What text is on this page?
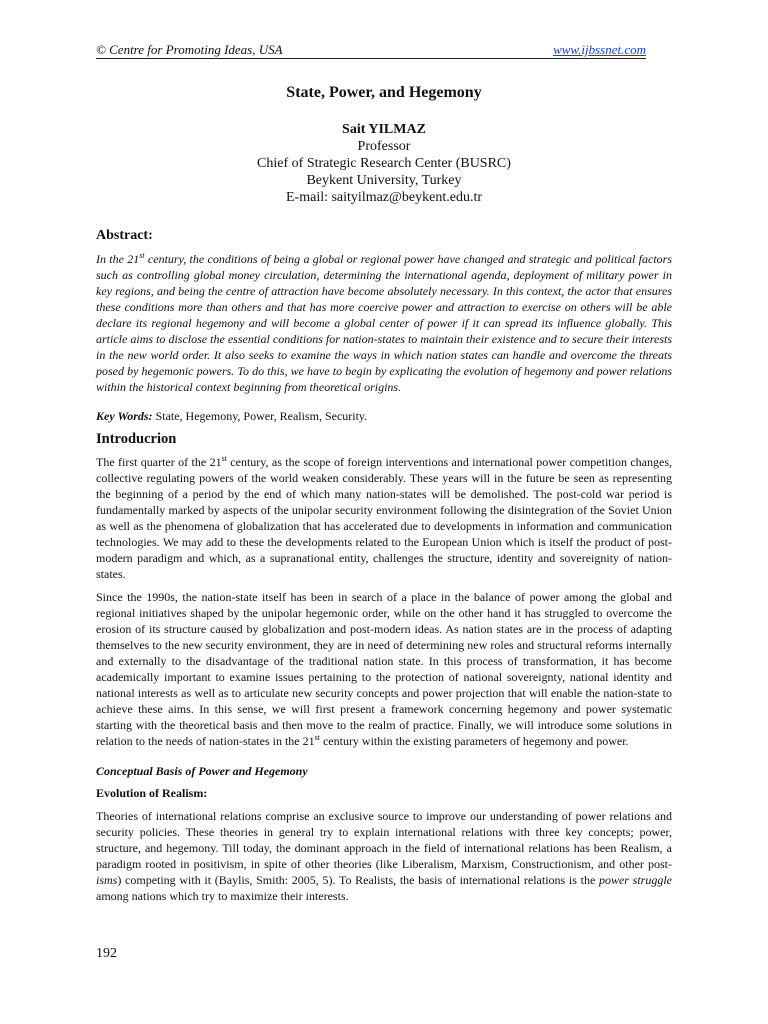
© Centre for Promoting Ideas, USA	www.ijbssnet.com
State, Power, and Hegemony
Sait YILMAZ
Professor
Chief of Strategic Research Center (BUSRC)
Beykent University, Turkey
E-mail: saityilmaz@beykent.edu.tr
Abstract:

In the 21st century, the conditions of being a global or regional power have changed and strategic and political factors such as controlling global money circulation, determining the international agenda, deployment of military power in key regions, and being the centre of attraction have become absolutely necessary. In this context, the actor that ensures these conditions more than others and that has more coercive power and attraction to exercise on others will be able declare its regional hegemony and will become a global center of power if it can spread its influence globally. This article aims to disclose the essential conditions for nation-states to maintain their existence and to secure their interests in the new world order. It also seeks to examine the ways in which nation states can handle and overcome the threats posed by hegemonic powers. To do this, we have to begin by explicating the evolution of hegemony and power relations within the historical context beginning from theoretical origins.

Key Words: State, Hegemony, Power, Realism, Security.

Introducrion

The first quarter of the 21st century, as the scope of foreign interventions and international power competition changes, collective regulating powers of the world weaken considerably. These years will in the future be seen as representing the beginning of a period by the end of which many nation-states will be demolished. The post-cold war period is fundamentally marked by aspects of the unipolar security environment following the disintegration of the Soviet Union as well as the phenomena of globalization that has accelerated due to developments in information and communication technologies. We may add to these the developments related to the European Union which is itself the product of post-modern paradigm and which, as a supranational entity, challenges the structure, identity and sovereignity of nation-states.

Since the 1990s, the nation-state itself has been in search of a place in the balance of power among the global and regional initiatives shaped by the unipolar hegemonic order, while on the other hand it has struggled to overcome the erosion of its structure caused by globalization and post-modern ideas. As nation states are in the process of adapting themselves to the new security environment, they are in need of determining new roles and structural reforms internally and externally to the disadvantage of the traditional nation state. In this process of transformation, it has become academically important to examine issues pertaining to the protection of national sovereignty, national identity and national interests as well as to articulate new security concepts and power projection that will enable the nation-state to achieve these aims. In this sense, we will first present a framework concerning hegemony and power systematic starting with the theoretical basis and then move to the realm of practice. Finally, we will introduce some solutions in relation to the needs of nation-states in the 21st century within the existing parameters of hegemony and power.

Conceptual Basis of Power and Hegemony

Evolution of Realism:

Theories of international relations comprise an exclusive source to improve our understanding of power relations and security policies. These theories in general try to explain international relations with three key concepts; power, structure, and hegemony. Till today, the dominant approach in the field of international relations has been Realism, a paradigm rooted in positivism, in spite of other theories (like Liberalism, Marxism, Constructionism, and other post-isms) competing with it (Baylis, Smith: 2005, 5). To Realists, the basis of international relations is the power struggle among nations which try to maximize their interests.

192
